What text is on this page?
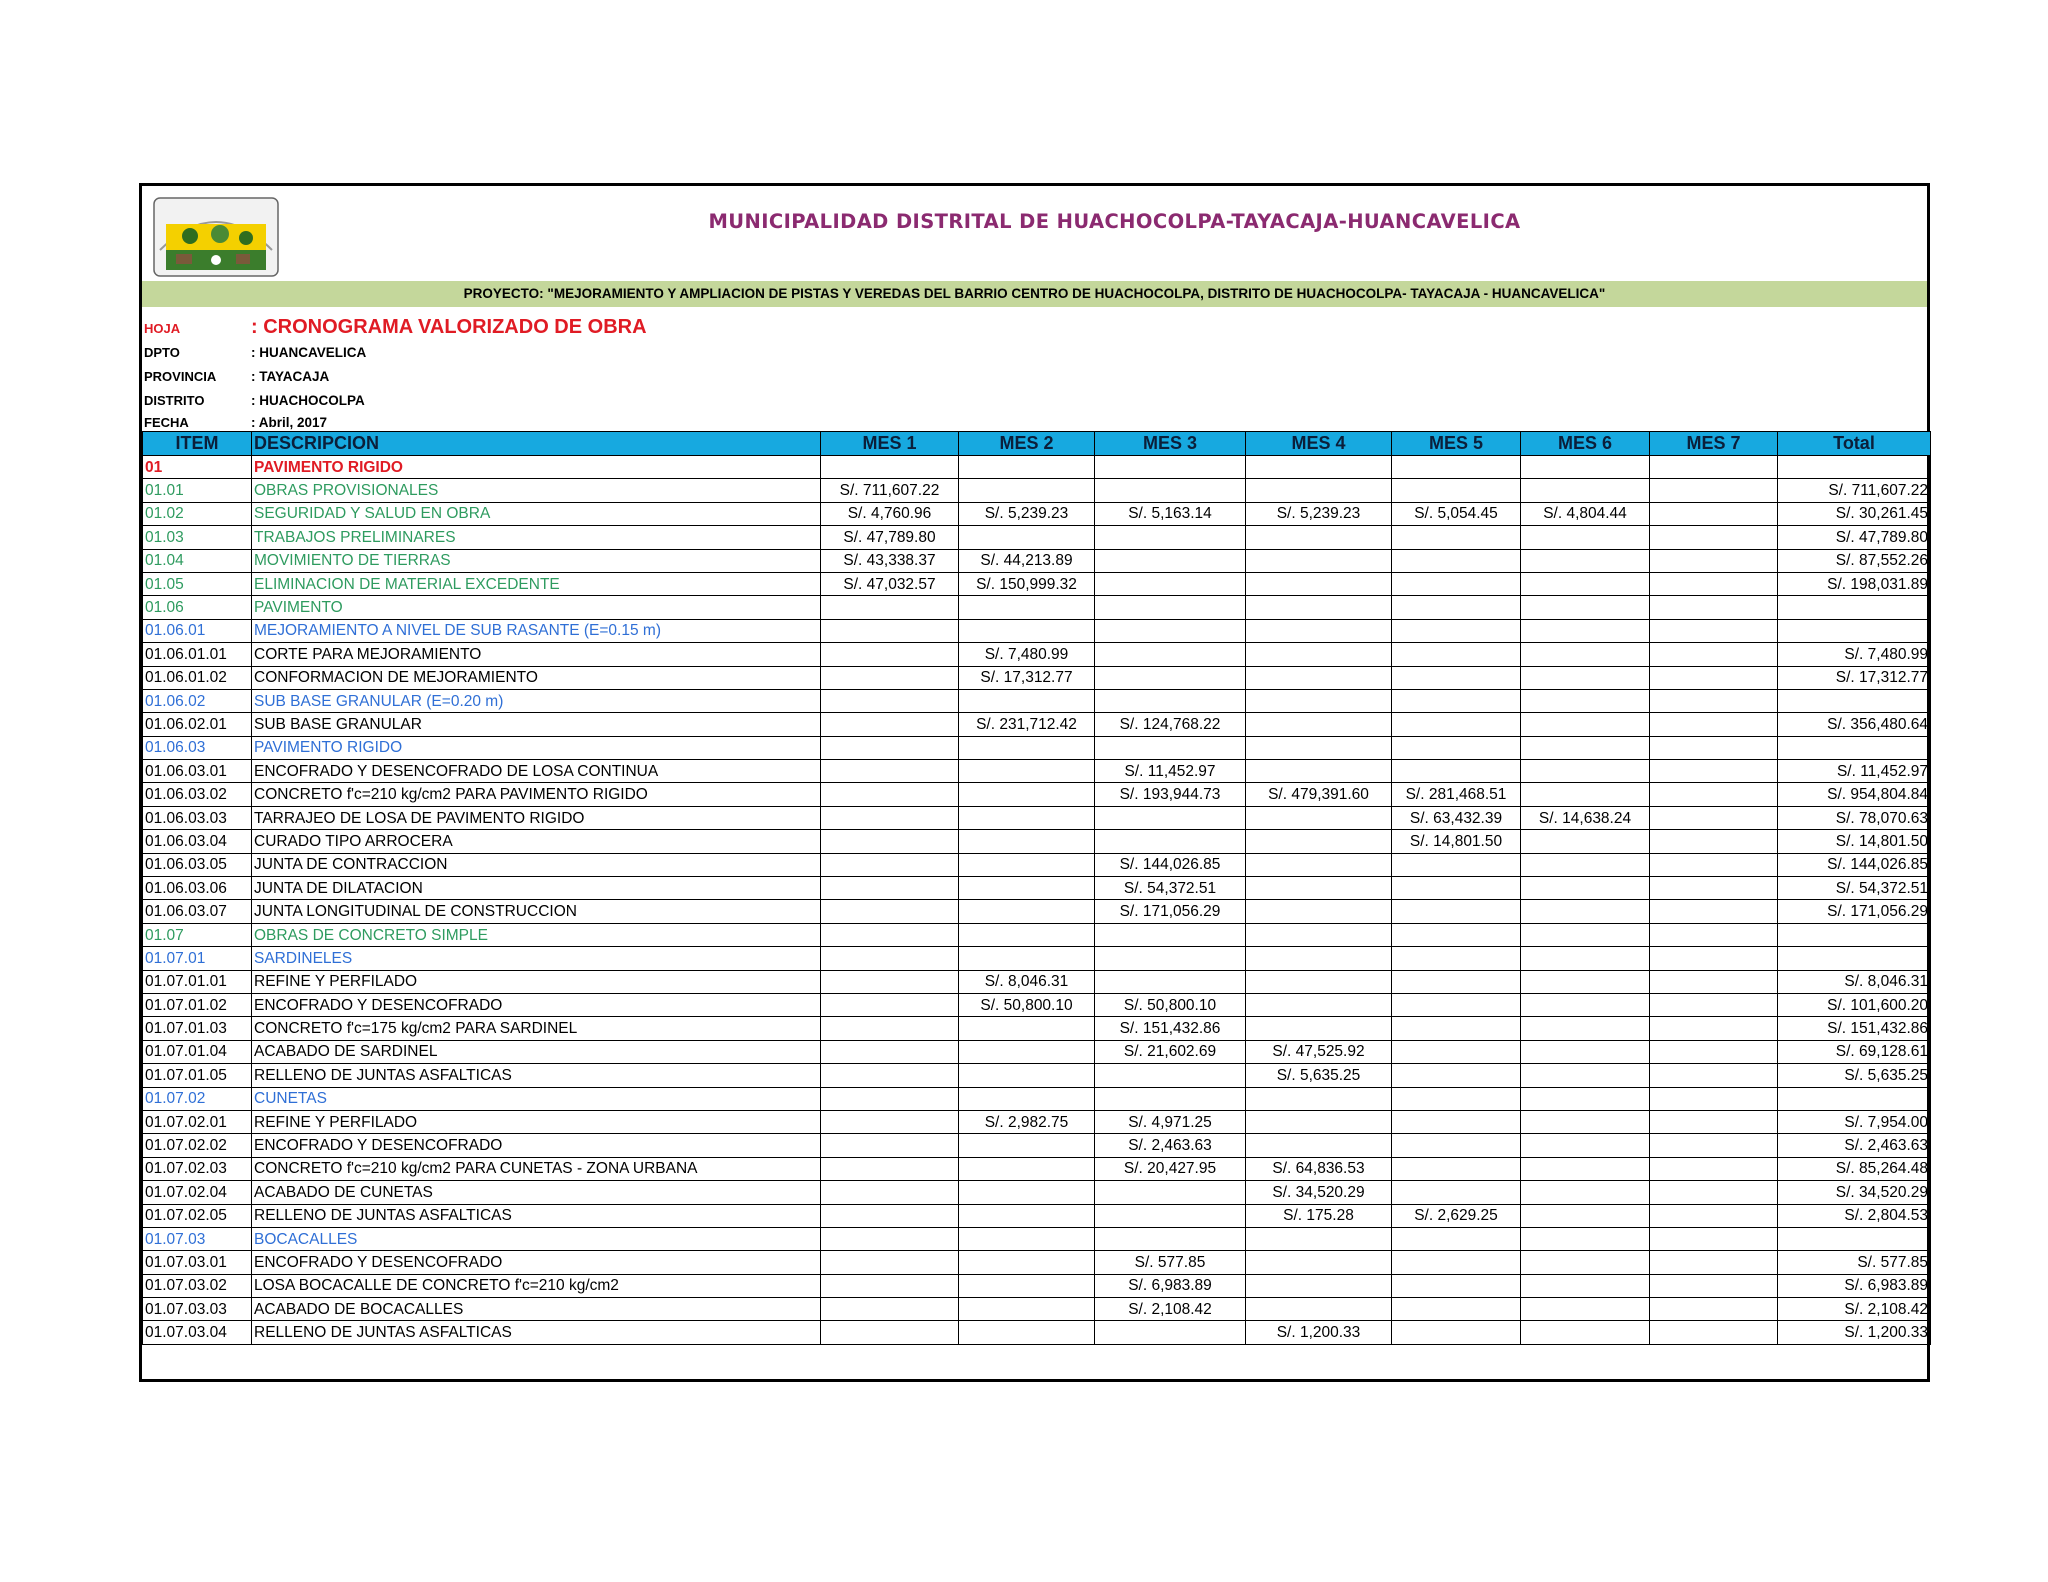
MUNICIPALIDAD DISTRITAL DE HUACHOCOLPA-TAYACAJA-HUANCAVELICA
PROYECTO: "MEJORAMIENTO Y AMPLIACION DE PISTAS Y VEREDAS DEL BARRIO CENTRO DE HUACHOCOLPA, DISTRITO DE HUACHOCOLPA- TAYACAJA - HUANCAVELICA"
HOJA	: CRONOGRAMA VALORIZADO DE OBRA
DPTO	: HUANCAVELICA
PROVINCIA	: TAYACAJA
DISTRITO	: HUACHOCOLPA
FECHA	: Abril, 2017
ITEM	DESCRIPCION	MES 1	MES 2	MES 3	MES 4	MES 5	MES 6	MES 7	Total
01	PAVIMENTO RIGIDO								
01.01	OBRAS PROVISIONALES	S/. 711,607.22							S/. 711,607.22
01.02	SEGURIDAD Y SALUD EN OBRA	S/. 4,760.96	S/. 5,239.23	S/. 5,163.14	S/. 5,239.23	S/. 5,054.45	S/. 4,804.44		S/. 30,261.45
01.03	TRABAJOS PRELIMINARES	S/. 47,789.80							S/. 47,789.80
01.04	MOVIMIENTO DE TIERRAS	S/. 43,338.37	S/. 44,213.89						S/. 87,552.26
01.05	ELIMINACION DE MATERIAL EXCEDENTE	S/. 47,032.57	S/. 150,999.32						S/. 198,031.89
01.06	PAVIMENTO								
01.06.01	MEJORAMIENTO A NIVEL DE SUB RASANTE (E=0.15 m)								
01.06.01.01	CORTE PARA MEJORAMIENTO		S/. 7,480.99						S/. 7,480.99
01.06.01.02	CONFORMACION DE MEJORAMIENTO		S/. 17,312.77						S/. 17,312.77
01.06.02	SUB BASE GRANULAR (E=0.20 m)								
01.06.02.01	SUB BASE GRANULAR		S/. 231,712.42	S/. 124,768.22					S/. 356,480.64
01.06.03	PAVIMENTO RIGIDO								
01.06.03.01	ENCOFRADO Y DESENCOFRADO DE LOSA CONTINUA			S/. 11,452.97					S/. 11,452.97
01.06.03.02	CONCRETO f'c=210 kg/cm2 PARA PAVIMENTO RIGIDO			S/. 193,944.73	S/. 479,391.60	S/. 281,468.51			S/. 954,804.84
01.06.03.03	TARRAJEO DE LOSA DE PAVIMENTO RIGIDO					S/. 63,432.39	S/. 14,638.24		S/. 78,070.63
01.06.03.04	CURADO TIPO ARROCERA					S/. 14,801.50			S/. 14,801.50
01.06.03.05	JUNTA DE CONTRACCION			S/. 144,026.85					S/. 144,026.85
01.06.03.06	JUNTA DE DILATACION			S/. 54,372.51					S/. 54,372.51
01.06.03.07	JUNTA LONGITUDINAL DE CONSTRUCCION			S/. 171,056.29					S/. 171,056.29
01.07	OBRAS DE CONCRETO SIMPLE								
01.07.01	SARDINELES								
01.07.01.01	REFINE Y PERFILADO		S/. 8,046.31						S/. 8,046.31
01.07.01.02	ENCOFRADO Y DESENCOFRADO		S/. 50,800.10	S/. 50,800.10					S/. 101,600.20
01.07.01.03	CONCRETO f'c=175 kg/cm2 PARA SARDINEL			S/. 151,432.86					S/. 151,432.86
01.07.01.04	ACABADO DE SARDINEL			S/. 21,602.69	S/. 47,525.92				S/. 69,128.61
01.07.01.05	RELLENO DE JUNTAS ASFALTICAS				S/. 5,635.25				S/. 5,635.25
01.07.02	CUNETAS								
01.07.02.01	REFINE Y PERFILADO		S/. 2,982.75	S/. 4,971.25					S/. 7,954.00
01.07.02.02	ENCOFRADO Y DESENCOFRADO			S/. 2,463.63					S/. 2,463.63
01.07.02.03	CONCRETO f'c=210 kg/cm2 PARA CUNETAS - ZONA URBANA			S/. 20,427.95	S/. 64,836.53				S/. 85,264.48
01.07.02.04	ACABADO DE CUNETAS				S/. 34,520.29				S/. 34,520.29
01.07.02.05	RELLENO DE JUNTAS ASFALTICAS				S/. 175.28	S/. 2,629.25			S/. 2,804.53
01.07.03	BOCACALLES								
01.07.03.01	ENCOFRADO Y DESENCOFRADO			S/. 577.85					S/. 577.85
01.07.03.02	LOSA BOCACALLE DE CONCRETO f'c=210 kg/cm2			S/. 6,983.89					S/. 6,983.89
01.07.03.03	ACABADO DE BOCACALLES			S/. 2,108.42					S/. 2,108.42
01.07.03.04	RELLENO DE JUNTAS ASFALTICAS				S/. 1,200.33				S/. 1,200.33
